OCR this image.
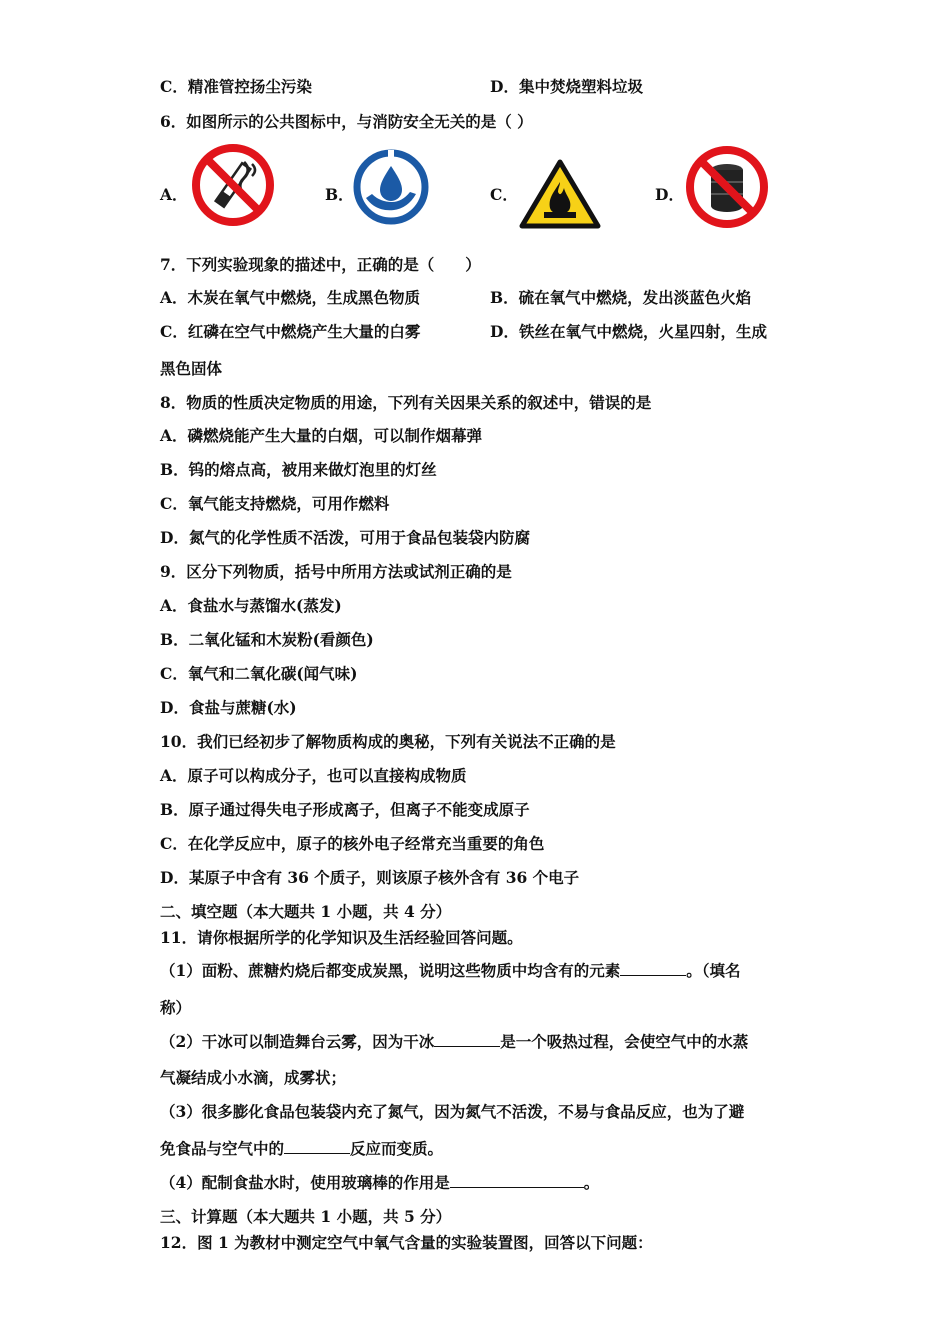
C．精准管控扬尘污染	D．集中焚烧塑料垃圾
6．如图所示的公共图标中，与消防安全无关的是（ ）
A．	B．	C．	D．
7．下列实验现象的描述中，正确的是（　　）
A．木炭在氧气中燃烧，生成黑色物质	B．硫在氧气中燃烧，发出淡蓝色火焰
C．红磷在空气中燃烧产生大量的白雾	D．铁丝在氧气中燃烧，火星四射，生成
黑色固体
8．物质的性质决定物质的用途，下列有关因果关系的叙述中，错误的是
A．磷燃烧能产生大量的白烟，可以制作烟幕弹
B．钨的熔点高，被用来做灯泡里的灯丝
C．氧气能支持燃烧，可用作燃料
D．氮气的化学性质不活泼，可用于食品包装袋内防腐
9．区分下列物质，括号中所用方法或试剂正确的是
A．食盐水与蒸馏水(蒸发)
B．二氧化锰和木炭粉(看颜色)
C．氧气和二氧化碳(闻气味)
D．食盐与蔗糖(水)
10．我们已经初步了解物质构成的奥秘，下列有关说法不正确的是
A．原子可以构成分子，也可以直接构成物质
B．原子通过得失电子形成离子，但离子不能变成原子
C．在化学反应中，原子的核外电子经常充当重要的角色
D．某原子中含有 36 个质子，则该原子核外含有 36 个电子
二、填空题（本大题共 1 小题，共 4 分）
11．请你根据所学的化学知识及生活经验回答问题。
（1）面粉、蔗糖灼烧后都变成炭黑，说明这些物质中均含有的元素	。（填名
称）
（2）干冰可以制造舞台云雾，因为干冰	是一个吸热过程，会使空气中的水蒸
气凝结成小水滴，成雾状；
（3）很多膨化食品包装袋内充了氮气，因为氮气不活泼，不易与食品反应，也为了避
免食品与空气中的	反应而变质。
（4）配制食盐水时，使用玻璃棒的作用是	。
三、计算题（本大题共 1 小题，共 5 分）
12．图 1 为教材中测定空气中氧气含量的实验装置图，回答以下问题：
